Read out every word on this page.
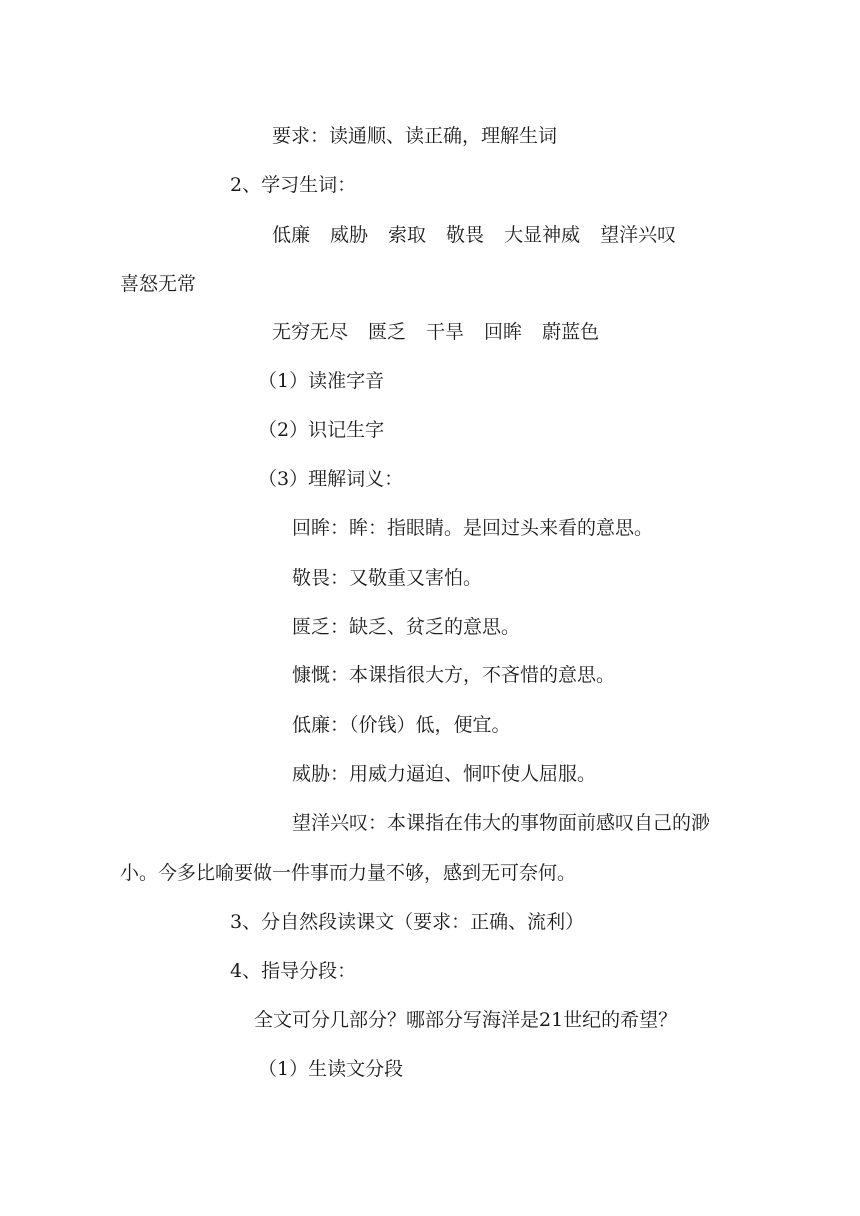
要求：读通顺、读正确，理解生词
2、学习生词：
低廉 威胁 索取 敬畏 大显神威 望洋兴叹
喜怒无常
无穷无尽 匮乏 干旱 回眸 蔚蓝色
（1）读准字音
（2）识记生字
（3）理解词义：
回眸：眸：指眼睛。是回过头来看的意思。
敬畏：又敬重又害怕。
匮乏：缺乏、贫乏的意思。
慷慨：本课指很大方，不吝惜的意思。
低廉：（价钱）低，便宜。
威胁：用威力逼迫、恫吓使人屈服。
望洋兴叹：本课指在伟大的事物面前感叹自己的渺
小。今多比喻要做一件事而力量不够，感到无可奈何。
3、分自然段读课文（要求：正确、流利）
4、指导分段：
全文可分几部分？哪部分写海洋是21世纪的希望？
（1）生读文分段
